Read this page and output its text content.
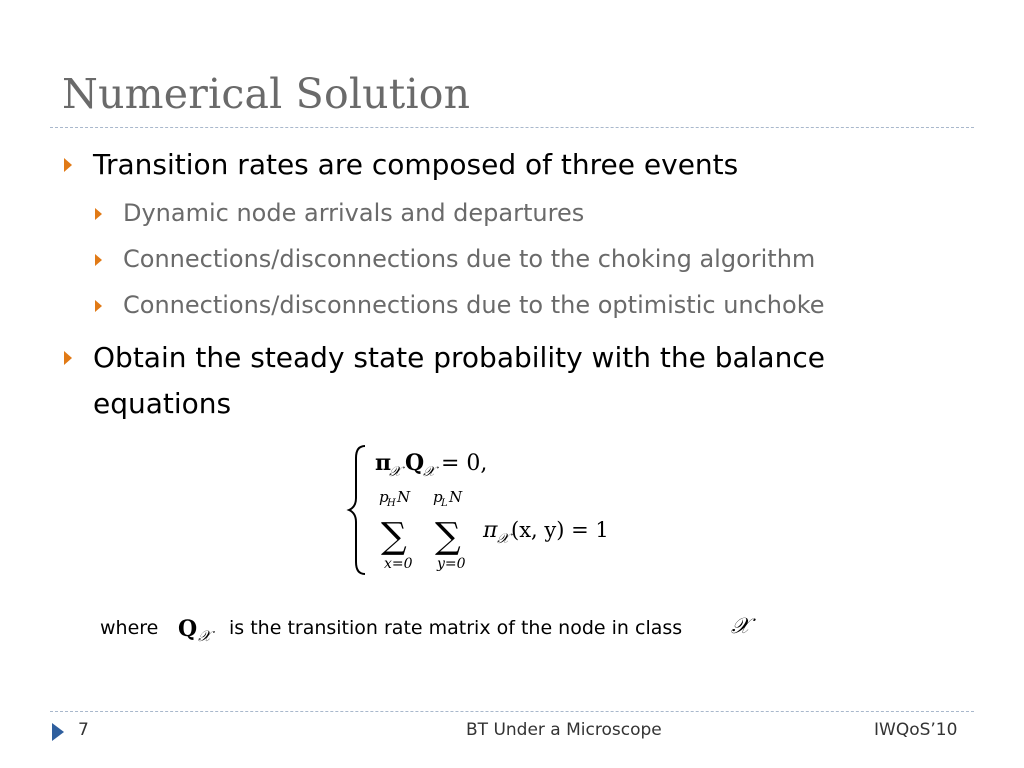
Numerical Solution
Transition rates are composed of three events
Dynamic node arrivals and departures
Connections/disconnections due to the choking algorithm
Connections/disconnections due to the optimistic unchoke
Obtain the steady state probability with the balance
equations
π
𝒳 Q
𝒳 = 0,
p
H N
∑
x=0
p
L N
∑
y=0
π 𝒳 (x, y) = 1
where Q 𝒳 is the transition rate matrix of the node in class 𝒳
7	BT Under a Microscope	IWQoS’10
